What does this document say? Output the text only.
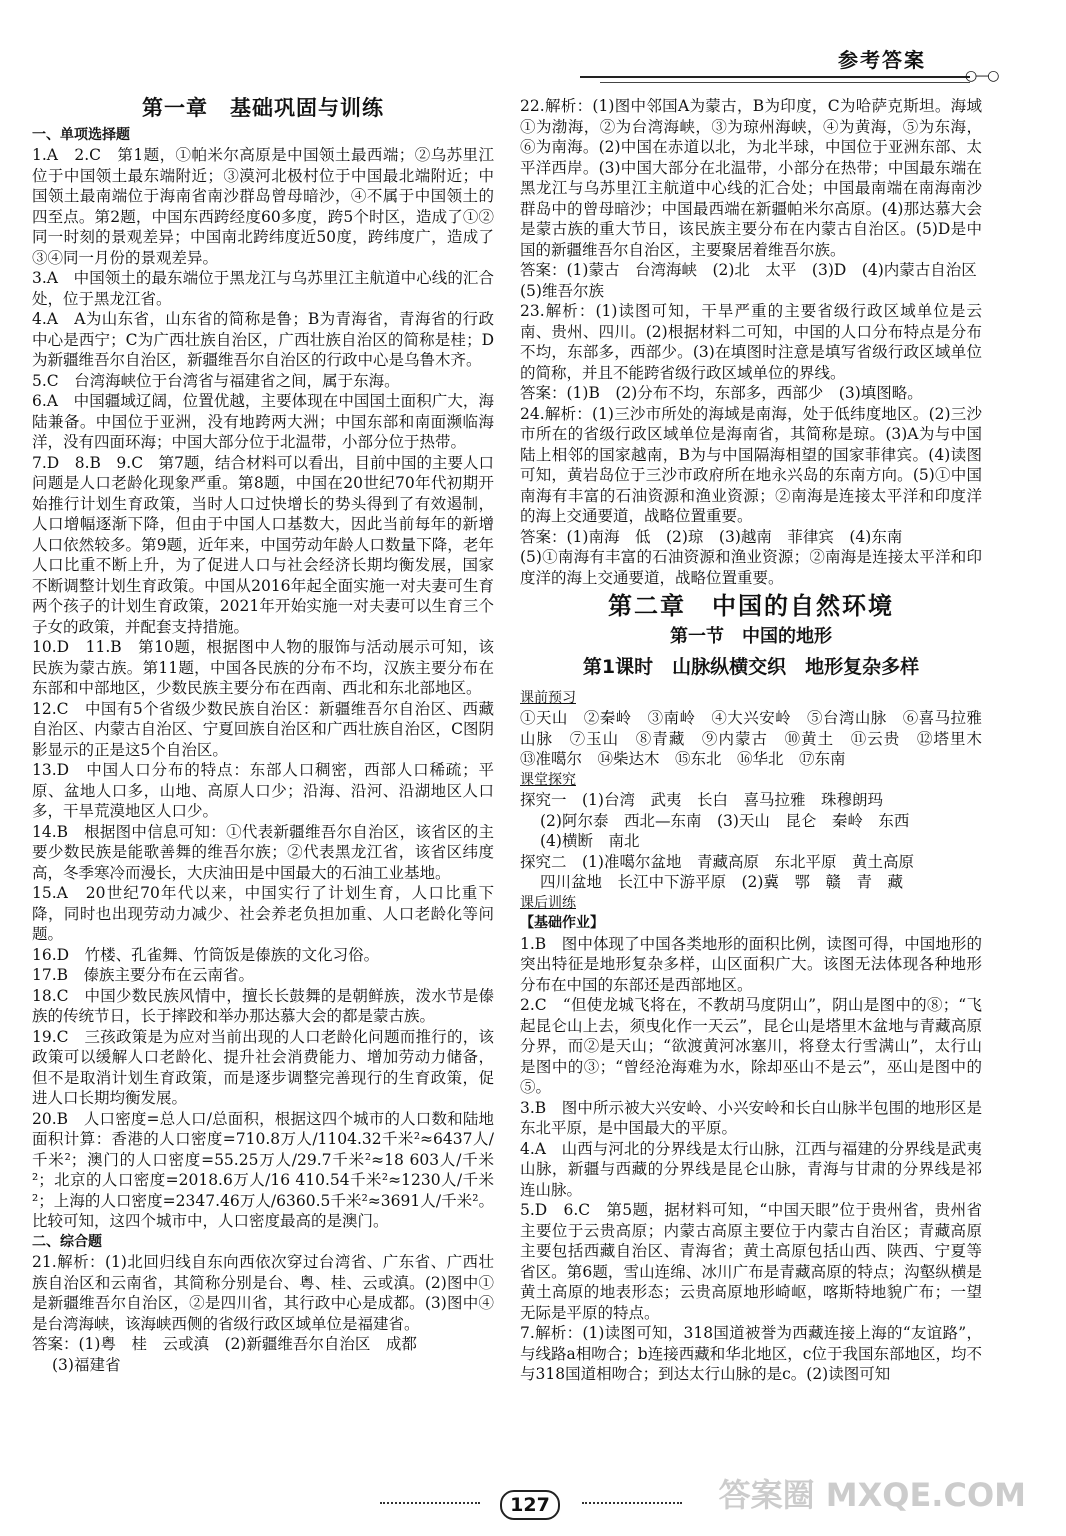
参考答案
○—○
第一章　基础巩固与训练
一、单项选择题

1.A　2.C　第1题，①帕米尔高原是中国领土最西端；②乌苏里江位于中国领土最东端附近；③漠河北极村位于中国最北端附近；中国领土最南端位于海南省南沙群岛曾母暗沙，④不属于中国领土的四至点。第2题，中国东西跨经度60多度，跨5个时区，造成了①②同一时刻的景观差异；中国南北跨纬度近50度，跨纬度广，造成了③④同一月份的景观差异。

3.A　中国领土的最东端位于黑龙江与乌苏里江主航道中心线的汇合处，位于黑龙江省。

4.A　A为山东省，山东省的简称是鲁；B为青海省，青海省的行政中心是西宁；C为广西壮族自治区，广西壮族自治区的简称是桂；D为新疆维吾尔自治区，新疆维吾尔自治区的行政中心是乌鲁木齐。

5.C　台湾海峡位于台湾省与福建省之间，属于东海。

6.A　中国疆域辽阔，位置优越，主要体现在中国国土面积广大，海陆兼备。中国位于亚洲，没有地跨两大洲；中国东部和南面濒临海洋，没有四面环海；中国大部分位于北温带，小部分位于热带。

7.D　8.B　9.C　第7题，结合材料可以看出，目前中国的主要人口问题是人口老龄化现象严重。第8题，中国在20世纪70年代初期开始推行计划生育政策，当时人口过快增长的势头得到了有效遏制，人口增幅逐渐下降，但由于中国人口基数大，因此当前每年的新增人口依然较多。第9题，近年来，中国劳动年龄人口数量下降，老年人口比重不断上升，为了促进人口与社会经济长期均衡发展，国家不断调整计划生育政策。中国从2016年起全面实施一对夫妻可生育两个孩子的计划生育政策，2021年开始实施一对夫妻可以生育三个子女的政策，并配套支持措施。

10.D　11.B　第10题，根据图中人物的服饰与活动展示可知，该民族为蒙古族。第11题，中国各民族的分布不均，汉族主要分布在东部和中部地区，少数民族主要分布在西南、西北和东北部地区。

12.C　中国有5个省级少数民族自治区：新疆维吾尔自治区、西藏自治区、内蒙古自治区、宁夏回族自治区和广西壮族自治区，C图阴影显示的正是这5个自治区。

13.D　中国人口分布的特点：东部人口稠密，西部人口稀疏；平原、盆地人口多，山地、高原人口少；沿海、沿河、沿湖地区人口多，干旱荒漠地区人口少。

14.B　根据图中信息可知：①代表新疆维吾尔自治区，该省区的主要少数民族是能歌善舞的维吾尔族；②代表黑龙江省，该省区纬度高，冬季寒冷而漫长，大庆油田是中国最大的石油工业基地。

15.A　20世纪70年代以来，中国实行了计划生育，人口比重下降，同时也出现劳动力减少、社会养老负担加重、人口老龄化等问题。

16.D　竹楼、孔雀舞、竹筒饭是傣族的文化习俗。

17.B　傣族主要分布在云南省。

18.C　中国少数民族风情中，擅长长鼓舞的是朝鲜族，泼水节是傣族的传统节日，长于摔跤和举办那达慕大会的都是蒙古族。

19.C　三孩政策是为应对当前出现的人口老龄化问题而推行的，该政策可以缓解人口老龄化、提升社会消费能力、增加劳动力储备，但不是取消计划生育政策，而是逐步调整完善现行的生育政策，促进人口长期均衡发展。

20.B　人口密度=总人口/总面积，根据这四个城市的人口数和陆地面积计算：香港的人口密度=710.8万人/1104.32千米²≈6437人/千米²；澳门的人口密度=55.25万人/29.7千米²≈18 603人/千米²；北京的人口密度=2018.6万人/16 410.54千米²≈1230人/千米²；上海的人口密度=2347.46万人/6360.5千米²≈3691人/千米²。比较可知，这四个城市中，人口密度最高的是澳门。

二、综合题

21.解析：(1)北回归线自东向西依次穿过台湾省、广东省、广西壮族自治区和云南省，其简称分别是台、粤、桂、云或滇。(2)图中①是新疆维吾尔自治区，②是四川省，其行政中心是成都。(3)图中④是台湾海峡，该海峡西侧的省级行政区域单位是福建省。

答案：(1)粤　桂　云或滇　(2)新疆维吾尔自治区　成都

(3)福建省

22.解析：(1)图中邻国A为蒙古，B为印度，C为哈萨克斯坦。海域①为渤海，②为台湾海峡，③为琼州海峡，④为黄海，⑤为东海，⑥为南海。(2)中国在赤道以北，为北半球，中国位于亚洲东部、太平洋西岸。(3)中国大部分在北温带，小部分在热带；中国最东端在黑龙江与乌苏里江主航道中心线的汇合处；中国最南端在南海南沙群岛中的曾母暗沙；中国最西端在新疆帕米尔高原。(4)那达慕大会是蒙古族的重大节日，该民族主要分布在内蒙古自治区。(5)D是中国的新疆维吾尔自治区，主要聚居着维吾尔族。

答案：(1)蒙古　台湾海峡　(2)北　太平　(3)D　(4)内蒙古自治区

(5)维吾尔族

23.解析：(1)读图可知，干旱严重的主要省级行政区域单位是云南、贵州、四川。(2)根据材料二可知，中国的人口分布特点是分布不均，东部多，西部少。(3)在填图时注意是填写省级行政区域单位的简称，并且不能跨省级行政区域单位的界线。

答案：(1)B　(2)分布不均，东部多，西部少　(3)填图略。

24.解析：(1)三沙市所处的海域是南海，处于低纬度地区。(2)三沙市所在的省级行政区域单位是海南省，其简称是琼。(3)A为与中国陆上相邻的国家越南，B为与中国隔海相望的国家菲律宾。(4)读图可知，黄岩岛位于三沙市政府所在地永兴岛的东南方向。(5)①中国南海有丰富的石油资源和渔业资源；②南海是连接太平洋和印度洋的海上交通要道，战略位置重要。

答案：(1)南海　低　(2)琼　(3)越南　菲律宾　(4)东南

(5)①南海有丰富的石油资源和渔业资源；②南海是连接太平洋和印度洋的海上交通要道，战略位置重要。

第二章　中国的自然环境
第一节　中国的地形
第1课时　山脉纵横交织　地形复杂多样
课前预习

①天山　②秦岭　③南岭　④大兴安岭　⑤台湾山脉　⑥喜马拉雅山脉　⑦玉山　⑧青藏　⑨内蒙古　⑩黄土　⑪云贵　⑫塔里木　⑬准噶尔　⑭柴达木　⑮东北　⑯华北　⑰东南

课堂探究

探究一　(1)台湾　武夷　长白　喜马拉雅　珠穆朗玛

(2)阿尔泰　西北—东南　(3)天山　昆仑　秦岭　东西

(4)横断　南北

探究二　(1)准噶尔盆地　青藏高原　东北平原　黄土高原

四川盆地　长江中下游平原　(2)冀　鄂　赣　青　藏

课后训练
【基础作业】

1.B　图中体现了中国各类地形的面积比例，读图可得，中国地形的突出特征是地形复杂多样，山区面积广大。该图无法体现各种地形分布在中国的东部还是西部地区。

2.C　“但使龙城飞将在，不教胡马度阴山”，阴山是图中的⑧；“飞起昆仑山上去，须曳化作一天云”，昆仑山是塔里木盆地与青藏高原分界，而②是天山；“欲渡黄河冰塞川，将登太行雪满山”，太行山是图中的③；“曾经沧海难为水，除却巫山不是云”，巫山是图中的⑤。

3.B　图中所示被大兴安岭、小兴安岭和长白山脉半包围的地形区是东北平原，是中国最大的平原。

4.A　山西与河北的分界线是太行山脉，江西与福建的分界线是武夷山脉，新疆与西藏的分界线是昆仑山脉，青海与甘肃的分界线是祁连山脉。

5.D　6.C　第5题，据材料可知，“中国天眼”位于贵州省，贵州省主要位于云贵高原；内蒙古高原主要位于内蒙古自治区；青藏高原主要包括西藏自治区、青海省；黄土高原包括山西、陕西、宁夏等省区。第6题，雪山连绵、冰川广布是青藏高原的特点；沟壑纵横是黄土高原的地表形态；云贵高原地形崎岖，喀斯特地貌广布；一望无际是平原的特点。

7.解析：(1)读图可知，318国道被誉为西藏连接上海的“友谊路”，与线路a相吻合；b连接西藏和华北地区，c位于我国东部地区，均不与318国道相吻合；到达太行山脉的是c。(2)读图可知

127	答案圈 MXQE.COM
